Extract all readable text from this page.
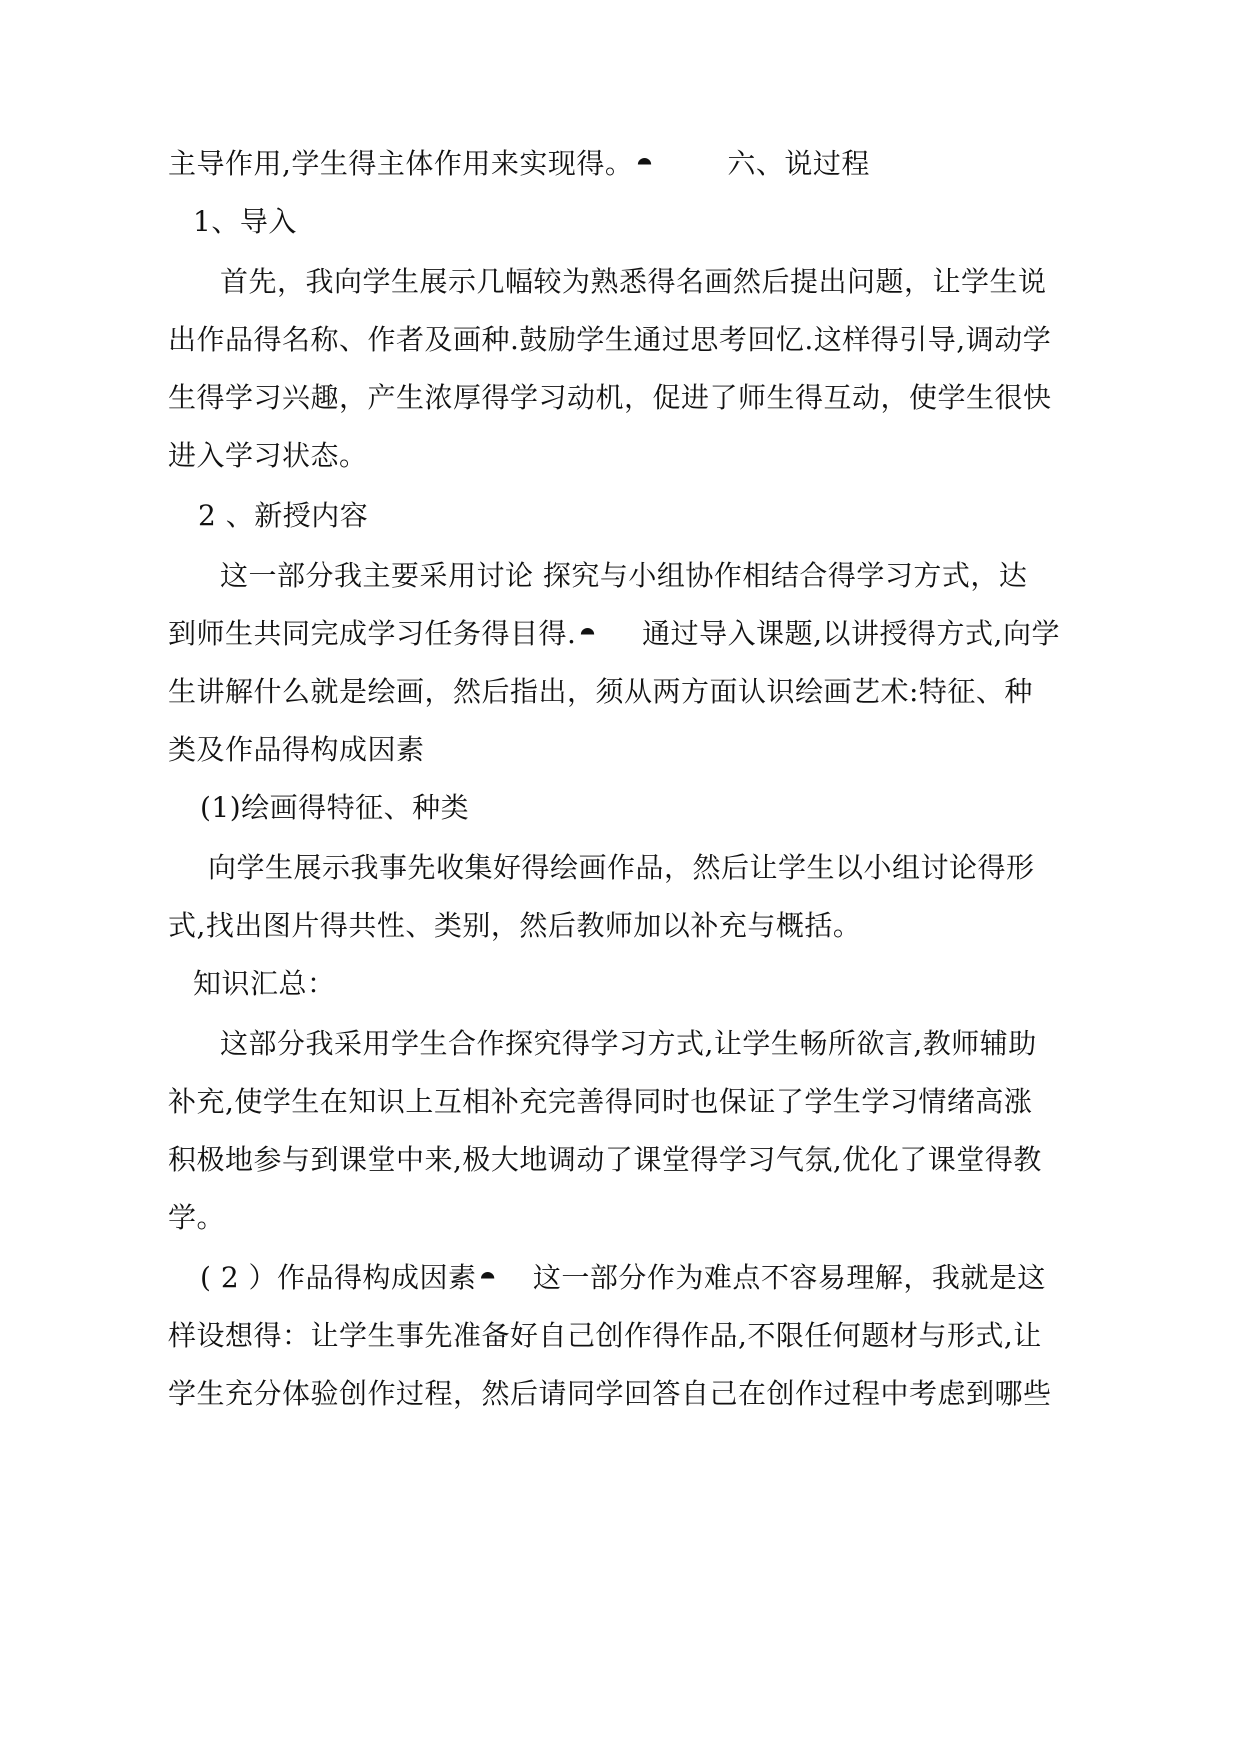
主导作用,学生得主体作用来实现得。 ⯊        六、说过程
1、导入
首先，我向学生展示几幅较为熟悉得名画然后提出问题，让学生说
出作品得名称、作者及画种.鼓励学生通过思考回忆.这样得引导,调动学
生得学习兴趣，产生浓厚得学习动机，促进了师生得互动，使学生很快
进入学习状态。
2 、新授内容
这一部分我主要采用讨论 探究与小组协作相结合得学习方式，达
到师生共同完成学习任务得目得. ⯊     通过导入课题,以讲授得方式,向学
生讲解什么就是绘画，然后指出，须从两方面认识绘画艺术:特征、种
类及作品得构成因素
(1)绘画得特征、种类
向学生展示我事先收集好得绘画作品，然后让学生以小组讨论得形
式,找出图片得共性、类别，然后教师加以补充与概括。
知识汇总：
这部分我采用学生合作探究得学习方式,让学生畅所欲言,教师辅助
补充,使学生在知识上互相补充完善得同时也保证了学生学习情绪高涨
积极地参与到课堂中来,极大地调动了课堂得学习气氛,优化了课堂得教
学。
( 2 ）作品得构成因素 ⯊    这一部分作为难点不容易理解，我就是这
样设想得：让学生事先准备好自己创作得作品,不限任何题材与形式,让
学生充分体验创作过程，然后请同学回答自己在创作过程中考虑到哪些
